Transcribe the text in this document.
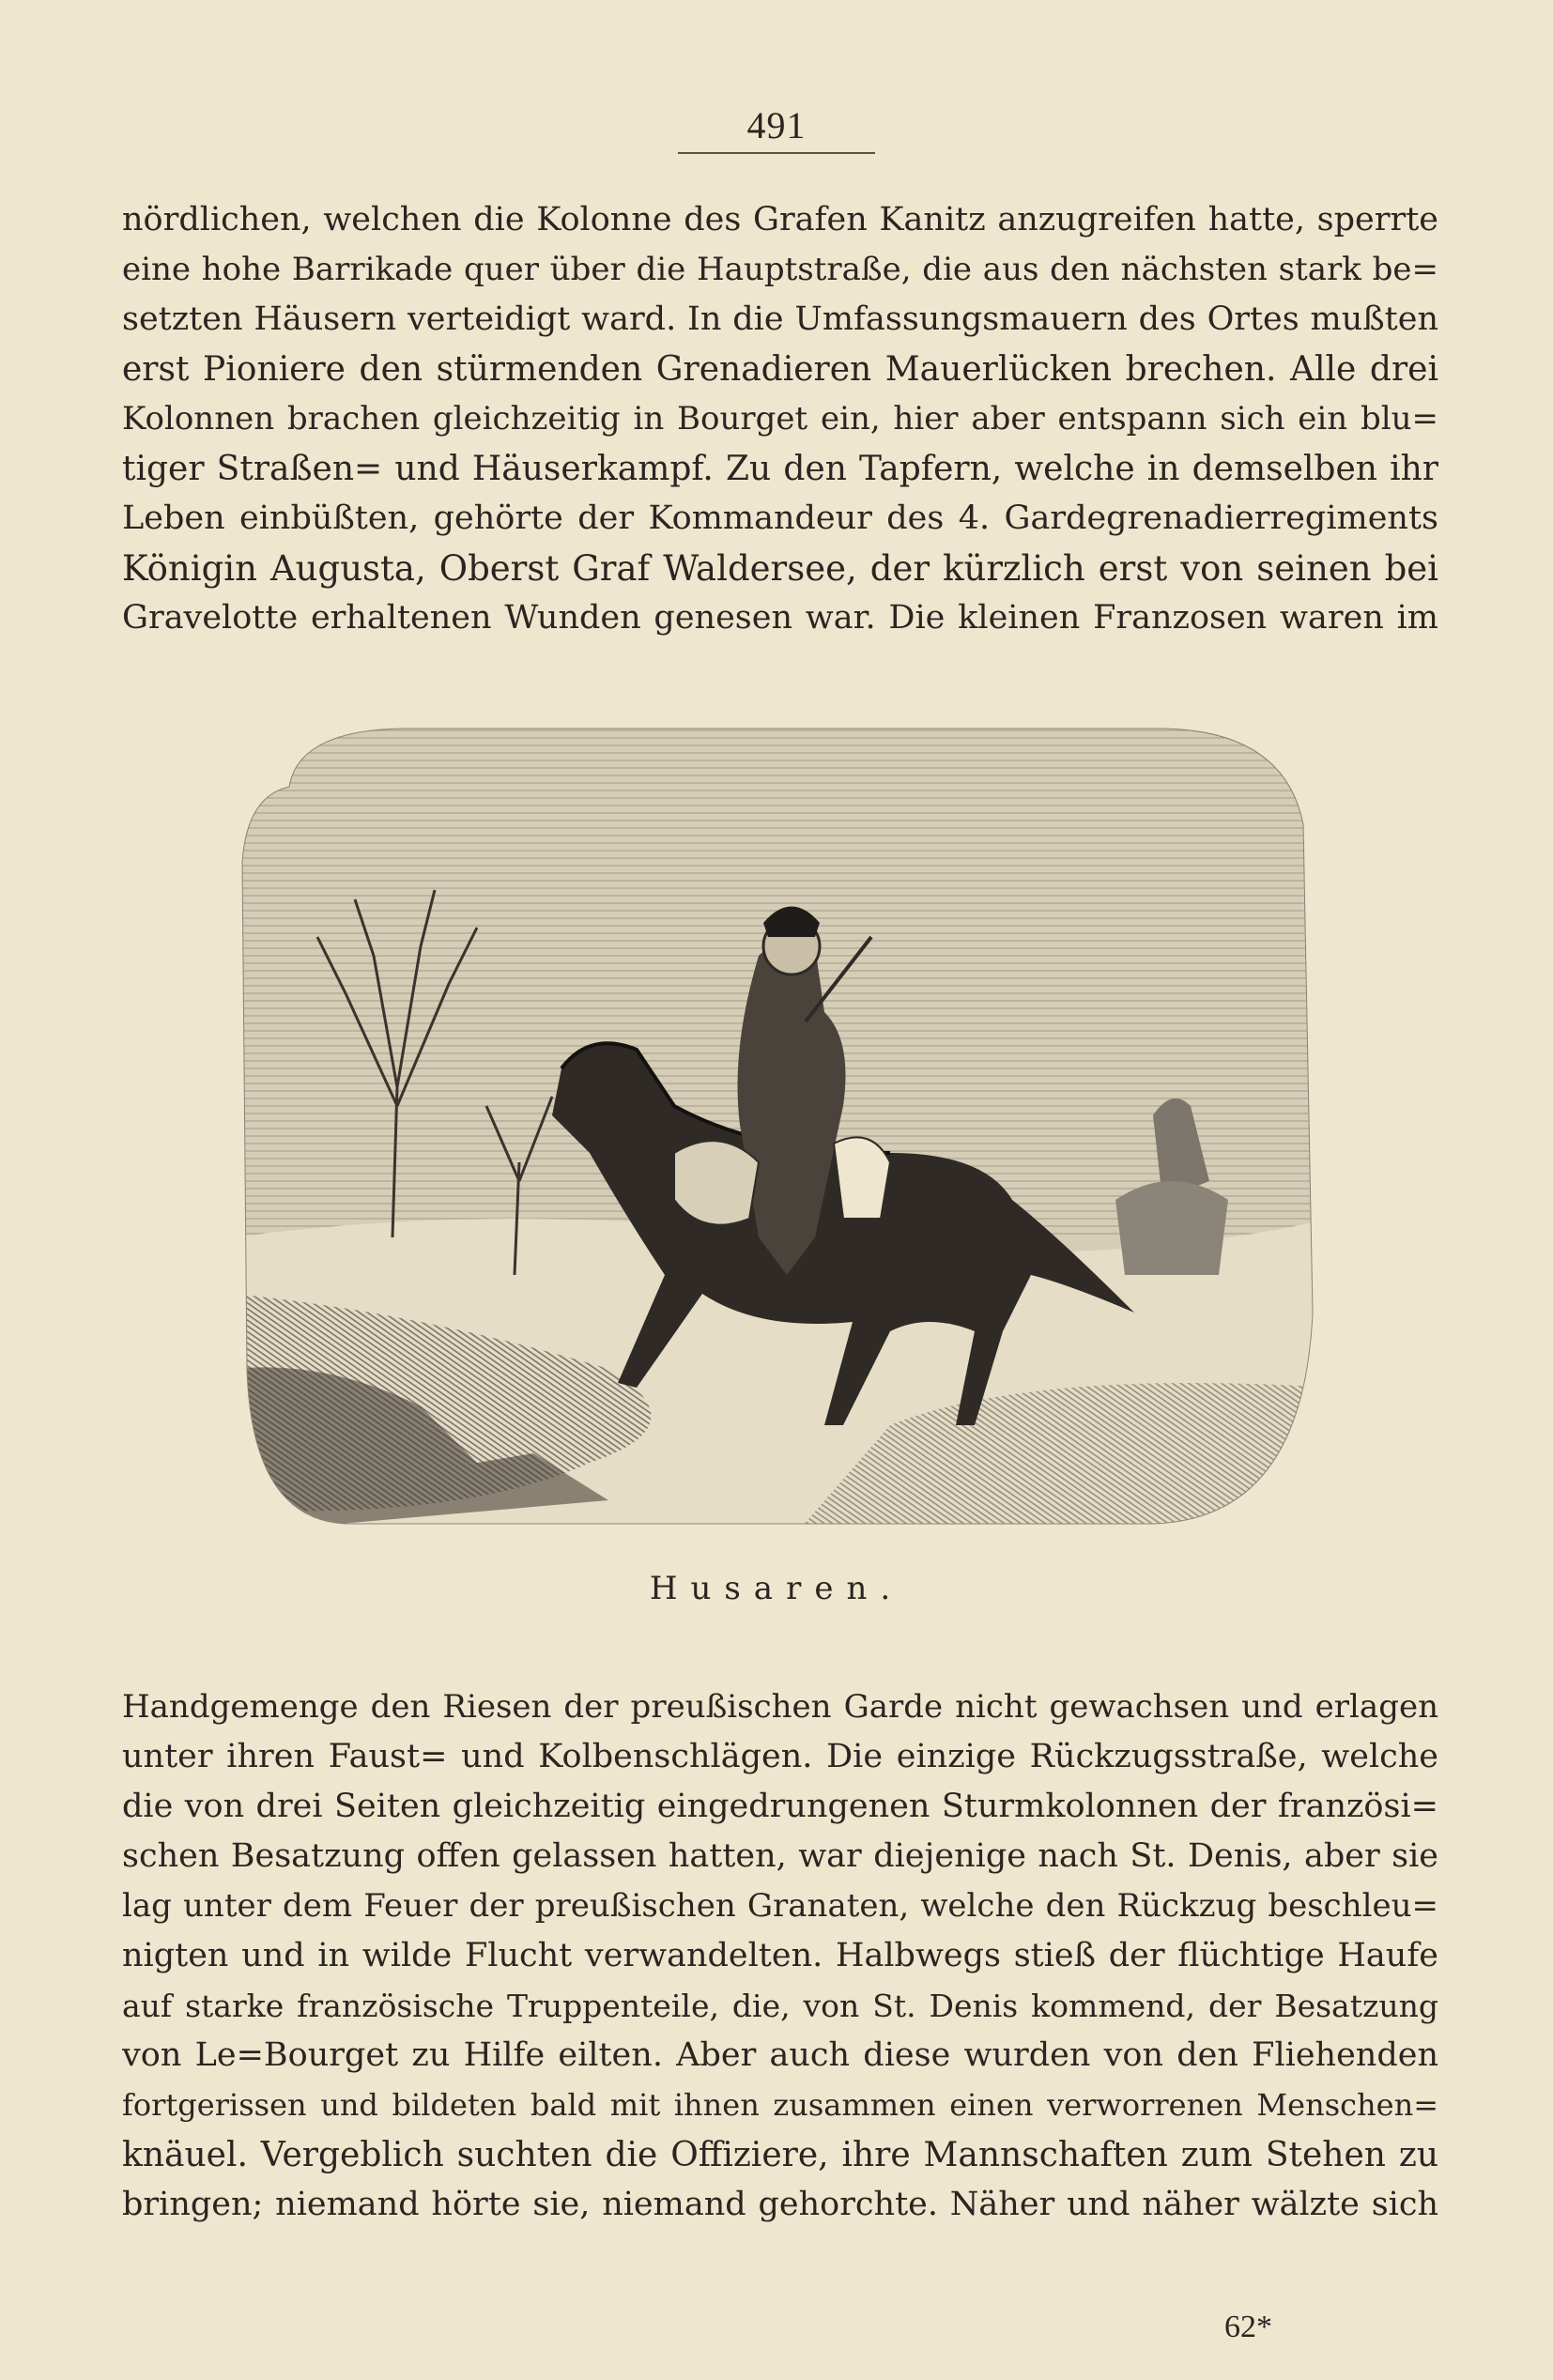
491
nördlichen, welchen die Kolonne des Grafen Kanitz anzugreifen hatte, sperrte
eine hohe Barrikade quer über die Hauptstraße, die aus den nächsten stark be=
setzten Häusern verteidigt ward. In die Umfassungsmauern des Ortes mußten
erst Pioniere den stürmenden Grenadieren Mauerlücken brechen. Alle drei
Kolonnen brachen gleichzeitig in Bourget ein, hier aber entspann sich ein blu=
tiger Straßen= und Häuserkampf. Zu den Tapfern, welche in demselben ihr
Leben einbüßten, gehörte der Kommandeur des 4. Gardegrenadierregiments
Königin Augusta, Oberst Graf Waldersee, der kürzlich erst von seinen bei
Gravelotte erhaltenen Wunden genesen war. Die kleinen Franzosen waren im
Husaren.
Handgemenge den Riesen der preußischen Garde nicht gewachsen und erlagen
unter ihren Faust= und Kolbenschlägen. Die einzige Rückzugsstraße, welche
die von drei Seiten gleichzeitig eingedrungenen Sturmkolonnen der französi=
schen Besatzung offen gelassen hatten, war diejenige nach St. Denis, aber sie
lag unter dem Feuer der preußischen Granaten, welche den Rückzug beschleu=
nigten und in wilde Flucht verwandelten. Halbwegs stieß der flüchtige Haufe
auf starke französische Truppenteile, die, von St. Denis kommend, der Besatzung
von Le=Bourget zu Hilfe eilten. Aber auch diese wurden von den Fliehenden
fortgerissen und bildeten bald mit ihnen zusammen einen verworrenen Menschen=
knäuel. Vergeblich suchten die Offiziere, ihre Mannschaften zum Stehen zu
bringen; niemand hörte sie, niemand gehorchte. Näher und näher wälzte sich
62*
